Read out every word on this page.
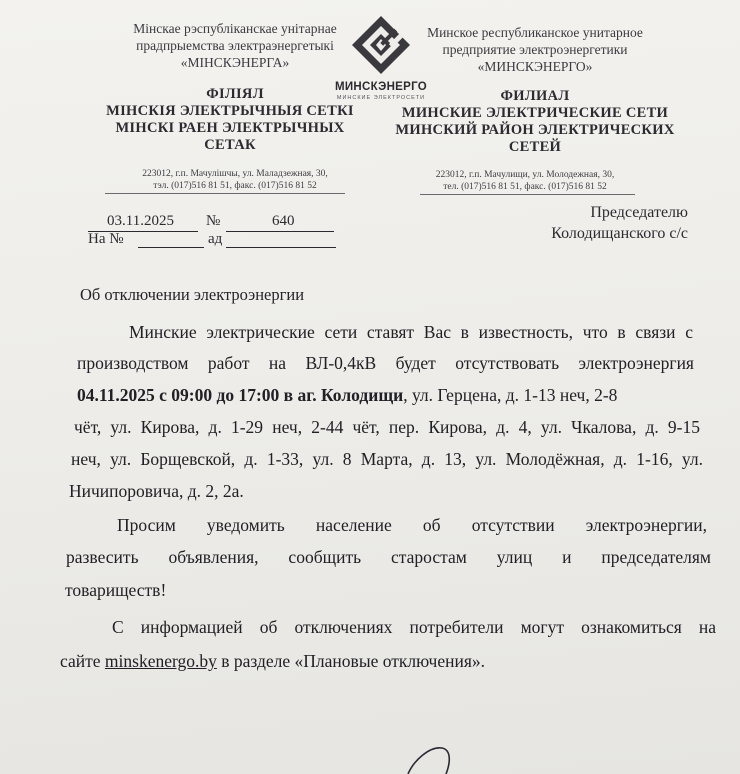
Мінскае рэспубліканскае унітарнае
прадпрыемства электраэнергетыкі
«МІНСКЭНЕРГА»
ФІЛІЯЛ
МІНСКІЯ ЭЛЕКТРЫЧНЫЯ СЕТКІ
МІНСКІ РАЕН ЭЛЕКТРЫЧНЫХ
СЕТАК
223012, г.п. Мачулішчы, ул. Маладзежная, 30,
тэл. (017)516 81 51, факс. (017)516 81 52
МИНСКЭНЕРГО
МИНСКИЕ ЭЛЕКТРОСЕТИ
Минское республиканское унитарное
предприятие электроэнергетики
«МИНСКЭНЕРГО»
ФИЛИАЛ
МИНСКИЕ ЭЛЕКТРИЧЕСКИЕ СЕТИ
МИНСКИЙ РАЙОН ЭЛЕКТРИЧЕСКИХ
СЕТЕЙ
223012, г.п. Мачулищи, ул. Молодежная, 30,
тел. (017)516 81 51, факс. (017)516 81 52
03.11.2025 №	640
На №	ад
Председателю
Колодищанского с/с
Об отключении электроэнергии
Минские электрические сети ставят Вас в известность, что в связи с
производством работ на ВЛ-0,4кВ будет отсутствовать электроэнергия
04.11.2025 с 09:00 до 17:00 в аг. Колодищи, ул. Герцена, д. 1-13 неч, 2-8
чёт, ул. Кирова, д. 1-29 неч, 2-44 чёт, пер. Кирова, д. 4, ул. Чкалова, д. 9-15
неч, ул. Борщевской, д. 1-33, ул. 8 Марта, д. 13, ул. Молодёжная, д. 1-16, ул.
Ничипоровича, д. 2, 2а.
Просим уведомить население об отсутствии электроэнергии,
развесить объявления, сообщить старостам улиц и председателям
товариществ!
С информацией об отключениях потребители могут ознакомиться на
сайте minskenergo.by в разделе «Плановые отключения».
